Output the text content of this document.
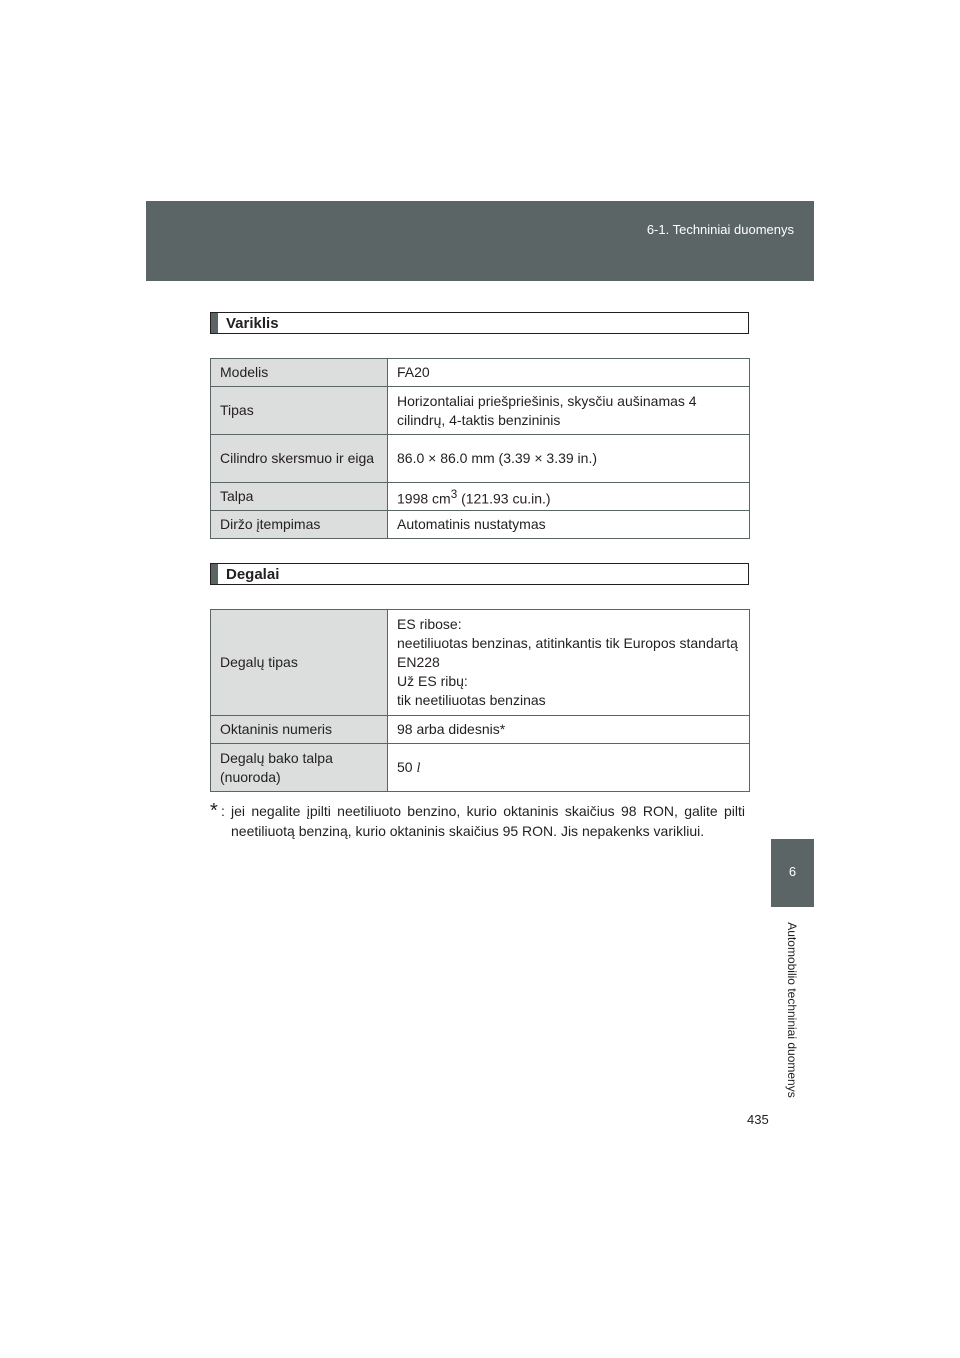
6-1. Techniniai duomenys
6
Automobilio techniniai duomenys
435
Variklis
Modelis	FA20
Tipas	Horizontaliai priešpriešinis, skysčiu aušinamas 4 cilindrų, 4-taktis benzininis
Cilindro skersmuo ir eiga	86.0 × 86.0 mm (3.39 × 3.39 in.)
Talpa	1998 $cm^3$ (121.93 cu.in.)
Diržo įtempimas	Automatinis nustatymas
Degalai
Degalų tipas	ES ribose:
neetiliuotas benzinas, atitinkantis tik Europos standartą EN228
Už ES ribų:
tik neetiliuotas benzinas

Oktaninis numeris	98 arba didesnis*
Degalų bako talpa (nuoroda)	50 l
* : jei negalite įpilti neetiliuoto benzino, kurio oktaninis skaičius 98 RON, galite pilti neetiliuotą benziną, kurio oktaninis skaičius 95 RON. Jis nepakenks varikliui.
